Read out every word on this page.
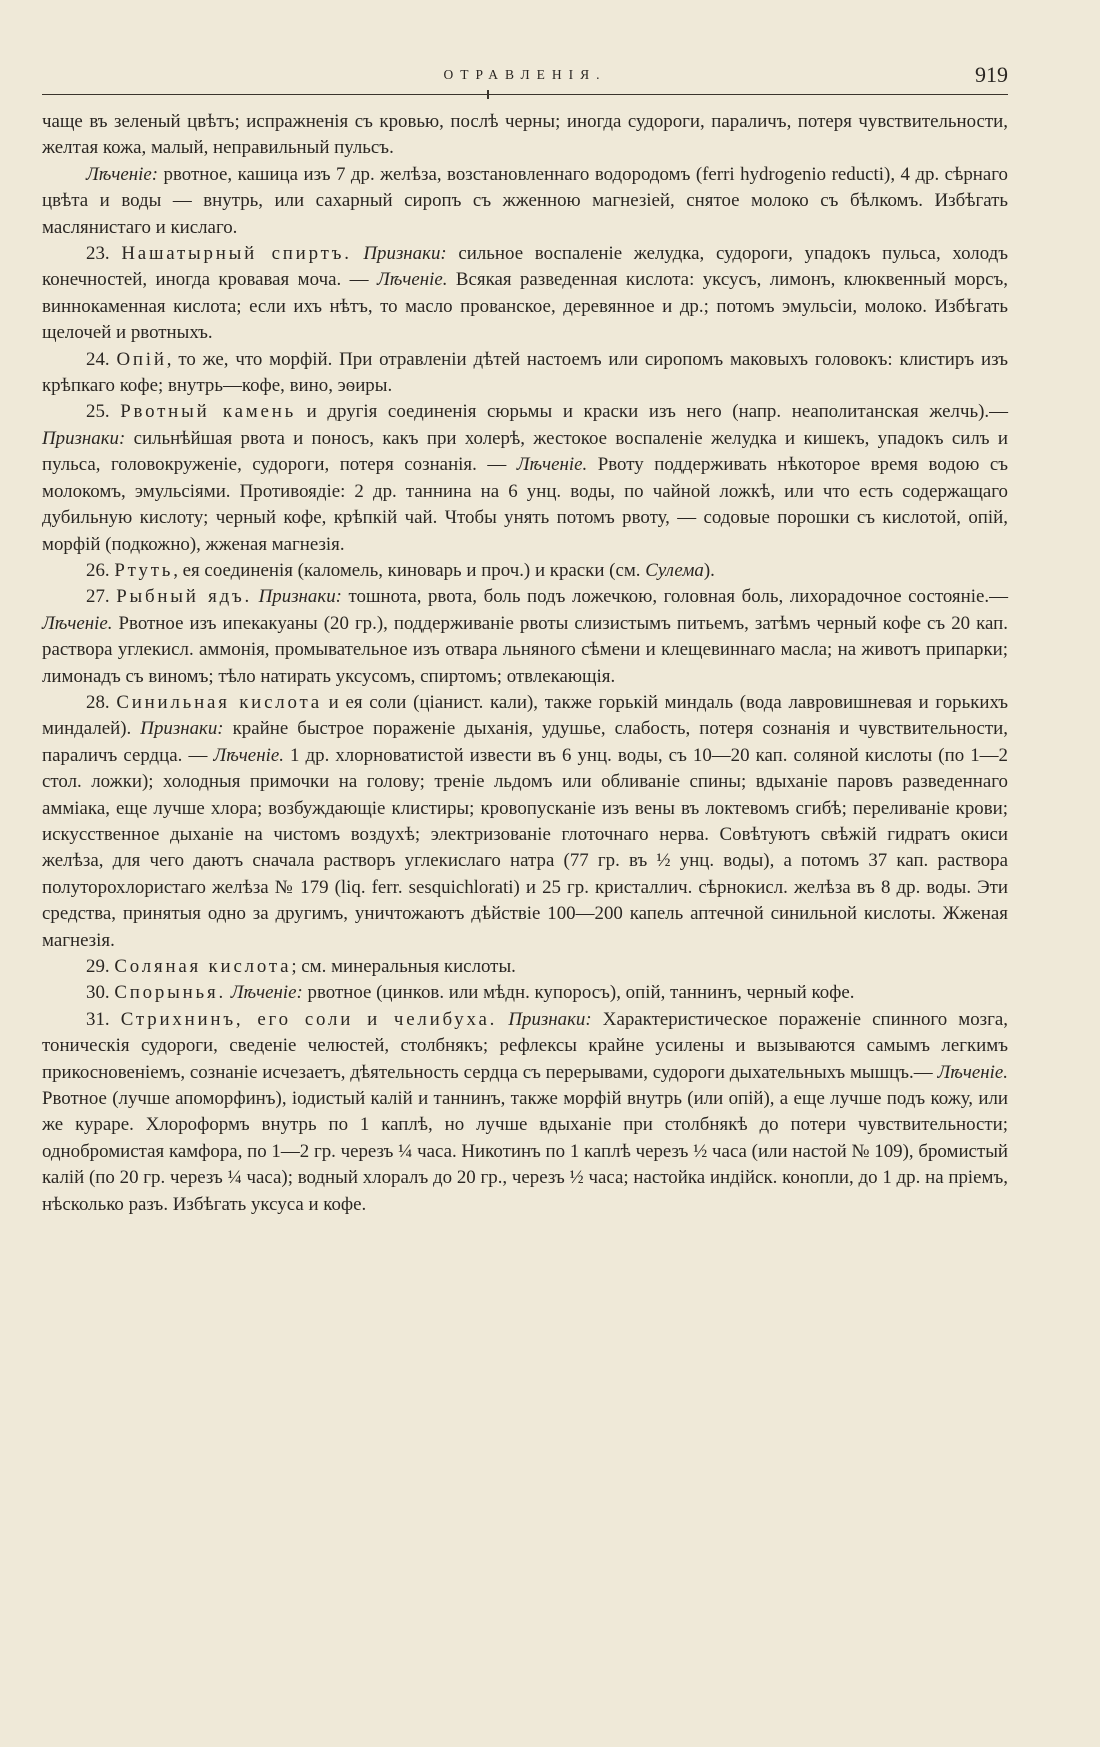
ОТРАВЛЕНІЯ.	919

чаще въ зеленый цвѣтъ; испражненія съ кровью, послѣ черны; иногда судороги, параличъ, потеря чувствительности, желтая кожа, малый, неправильный пульсъ.

Лѣченіе: рвотное, кашица изъ 7 др. желѣза, возстановленнаго водородомъ (ferri hydrogenio reducti), 4 др. сѣрнаго цвѣта и воды — внутрь, или сахарный сиропъ съ жженною магнезіей, снятое молоко съ бѣлкомъ. Избѣгать маслянистаго и кислаго.

23. Нашатырный спиртъ. Признаки: сильное воспаленіе желудка, судороги, упадокъ пульса, холодъ конечностей, иногда кровавая моча. — Лѣченіе. Всякая разведенная кислота: уксусъ, лимонъ, клюквенный морсъ, виннокаменная кислота; если ихъ нѣтъ, то масло прованское, деревянное и др.; потомъ эмульсіи, молоко. Избѣгать щелочей и рвотныхъ.

24. Опій, то же, что морфій. При отравленіи дѣтей настоемъ или сиропомъ маковыхъ головокъ: клистиръ изъ крѣпкаго кофе; внутрь—кофе, вино, эѳиры.

25. Рвотный камень и другія соединенія сюрьмы и краски изъ него (напр. неаполитанская желчь).—Признаки: сильнѣйшая рвота и поносъ, какъ при холерѣ, жестокое воспаленіе желудка и кишекъ, упадокъ силъ и пульса, головокруженіе, судороги, потеря сознанія. — Лѣченіе. Рвоту поддерживать нѣкоторое время водою съ молокомъ, эмульсіями. Противоядіе: 2 др. таннина на 6 унц. воды, по чайной ложкѣ, или что есть содержащаго дубильную кислоту; черный кофе, крѣпкій чай. Чтобы унять потомъ рвоту, — содовые порошки съ кислотой, опій, морфій (подкожно), жженая магнезія.

26. Ртуть, ея соединенія (каломель, киноварь и проч.) и краски (см. Сулема).

27. Рыбный ядъ. Признаки: тошнота, рвота, боль подъ ложечкою, головная боль, лихорадочное состояніе.—Лѣченіе. Рвотное изъ ипекакуаны (20 гр.), поддерживаніе рвоты слизистымъ питьемъ, затѣмъ черный кофе съ 20 кап. раствора углекисл. аммонія, промывательное изъ отвара льняного сѣмени и клещевиннаго масла; на животъ припарки; лимонадъ съ виномъ; тѣло натирать уксусомъ, спиртомъ; отвлекающія.

28. Синильная кислота и ея соли (ціанист. кали), также горькій миндаль (вода лавровишневая и горькихъ миндалей). Признаки: крайне быстрое пораженіе дыханія, удушье, слабость, потеря сознанія и чувствительности, параличъ сердца. — Лѣченіе. 1 др. хлорноватистой извести въ 6 унц. воды, съ 10—20 кап. соляной кислоты (по 1—2 стол. ложки); холодныя примочки на голову; треніе льдомъ или обливаніе спины; вдыханіе паровъ разведеннаго аммiака, еще лучше хлора; возбуждающіе клистиры; кровопусканіе изъ вены въ локтевомъ сгибѣ; переливаніе крови; искусственное дыханіе на чистомъ воздухѣ; электризованіе глоточнаго нерва. Совѣтуютъ свѣжій гидратъ окиси желѣза, для чего даютъ сначала растворъ углекислаго натра (77 гр. въ ½ унц. воды), а потомъ 37 кап. раствора полуторохлористаго желѣза № 179 (liq. ferr. sesquichlorati) и 25 гр. кристаллич. сѣрнокисл. желѣза въ 8 др. воды. Эти средства, принятыя одно за другимъ, уничтожаютъ дѣйствіе 100—200 капель аптечной синильной кислоты. Жженая магнезія.

29. Соляная кислота; см. минеральныя кислоты.

30. Спорынья. Лѣченіе: рвотное (цинков. или мѣдн. купоросъ), опій, таннинъ, черный кофе.

31. Стрихнинъ, его соли и челибуха. Признаки: Характеристическое пораженіе спинного мозга, тоническія судороги, сведеніе челюстей, столбнякъ; рефлексы крайне усилены и вызываются самымъ легкимъ прикосновеніемъ, сознаніе исчезаетъ, дѣятельность сердца съ перерывами, судороги дыхательныхъ мышцъ.— Лѣченіе. Рвотное (лучше апоморфинъ), іодистый калій и таннинъ, также морфій внутрь (или опій), а еще лучше подъ кожу, или же кураре. Хлороформъ внутрь по 1 каплѣ, но лучше вдыханіе при столбнякѣ до потери чувствительности; однобромистая камфора, по 1—2 гр. черезъ ¼ часа. Никотинъ по 1 каплѣ черезъ ½ часа (или настой № 109), бромистый калій (по 20 гр. черезъ ¼ часа); водный хлоралъ до 20 гр., черезъ ½ часа; настойка индійск. конопли, до 1 др. на пріемъ, нѣсколько разъ. Избѣгать уксуса и кофе.
